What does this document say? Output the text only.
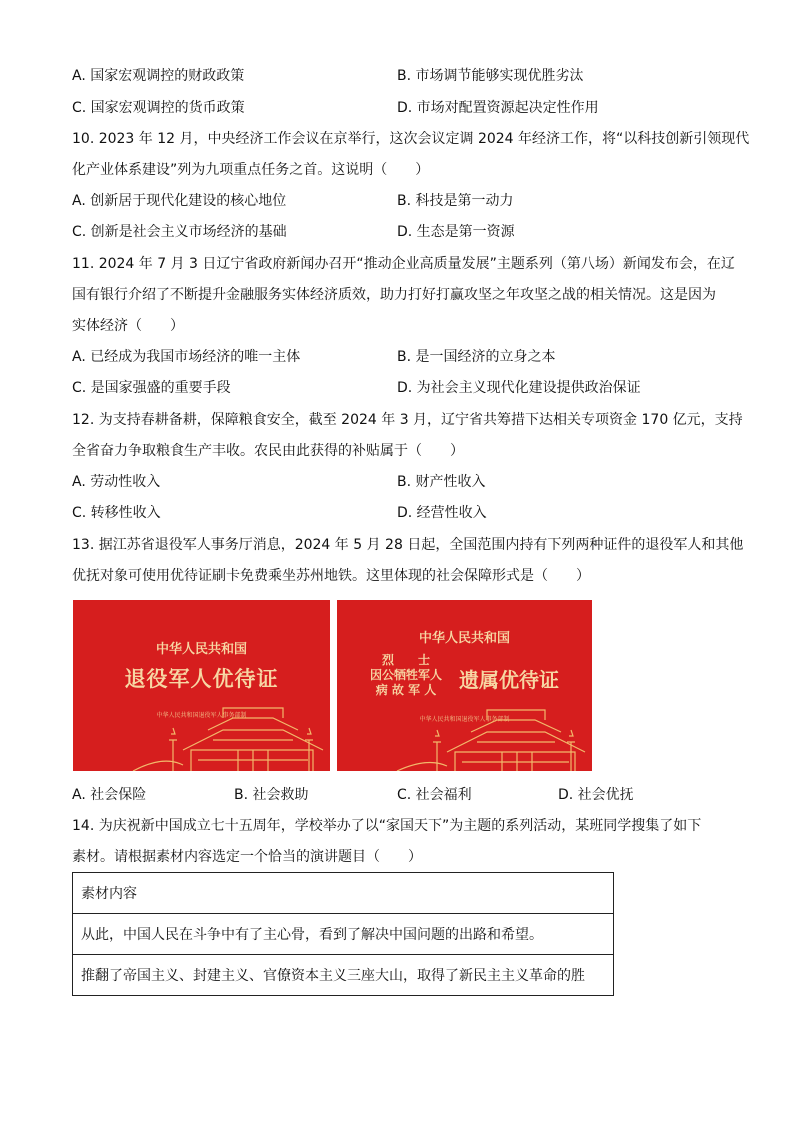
A. 国家宏观调控的财政政策	B. 市场调节能够实现优胜劣汰
C. 国家宏观调控的货币政策	D. 市场对配置资源起决定性作用
10. 2023 年 12 月，中央经济工作会议在京举行，这次会议定调 2024 年经济工作，将“以科技创新引领现代
化产业体系建设”列为九项重点任务之首。这说明（　　）
A. 创新居于现代化建设的核心地位	B. 科技是第一动力
C. 创新是社会主义市场经济的基础	D. 生态是第一资源
11. 2024 年 7 月 3 日辽宁省政府新闻办召开“推动企业高质量发展”主题系列（第八场）新闻发布会，在辽
国有银行介绍了不断提升金融服务实体经济质效，助力打好打赢攻坚之年攻坚之战的相关情况。这是因为
实体经济（　　）
A. 已经成为我国市场经济的唯一主体	B. 是一国经济的立身之本
C. 是国家强盛的重要手段	D. 为社会主义现代化建设提供政治保证
12. 为支持春耕备耕，保障粮食安全，截至 2024 年 3 月，辽宁省共筹措下达相关专项资金 170 亿元，支持
全省奋力争取粮食生产丰收。农民由此获得的补贴属于（　　）
A. 劳动性收入	B. 财产性收入
C. 转移性收入	D. 经营性收入
13. 据江苏省退役军人事务厅消息，2024 年 5 月 28 日起，全国范围内持有下列两种证件的退役军人和其他
优抚对象可使用优待证刷卡免费乘坐苏州地铁。这里体现的社会保障形式是（　　）
中华人民共和国
退役军人优待证
中华人民共和国退役军人事务部制
中华人民共和国
烈　　士
因公牺牲军人
病 故 军 人	遗属优待证
中华人民共和国退役军人事务部制
A. 社会保险	B. 社会救助	C. 社会福利	D. 社会优抚
14. 为庆祝新中国成立七十五周年，学校举办了以“家国天下”为主题的系列活动，某班同学搜集了如下
素材。请根据素材内容选定一个恰当的演讲题目（　　）
素材内容
从此，中国人民在斗争中有了主心骨，看到了解决中国问题的出路和希望。
推翻了帝国主义、封建主义、官僚资本主义三座大山，取得了新民主主义革命的胜
